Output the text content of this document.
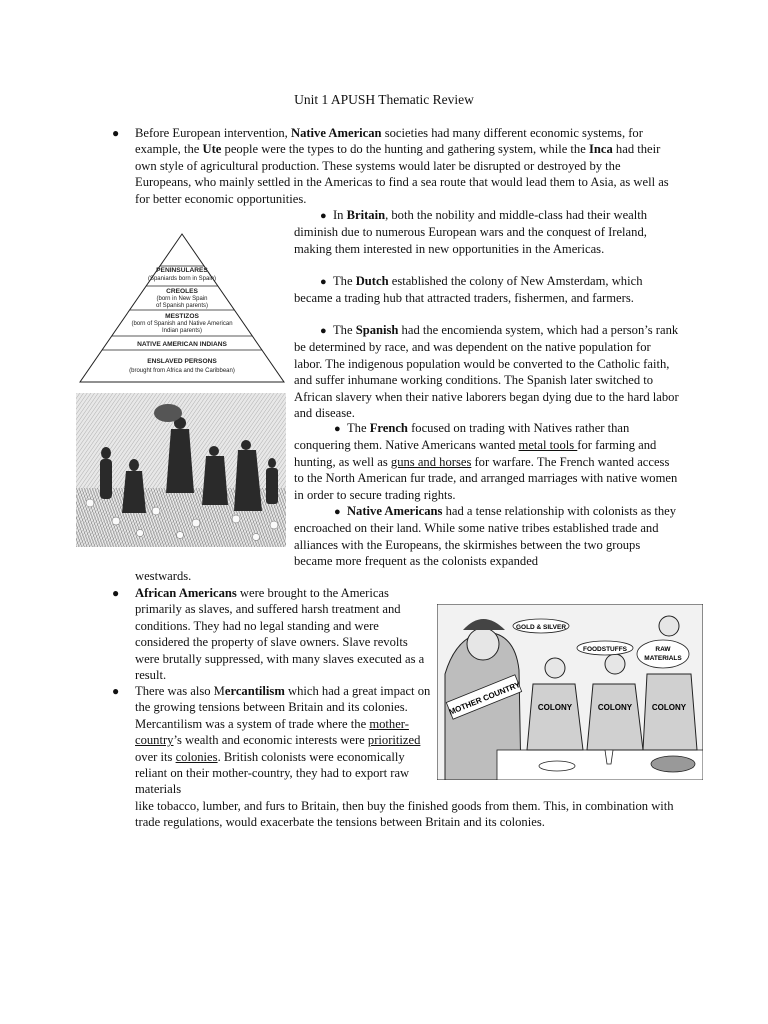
Unit 1 APUSH Thematic Review
● Before European intervention, Native American societies had many different economic systems, for example, the Ute people were the types to do the hunting and gathering system, while the Inca had their own style of agricultural production. These systems would later be disrupted or destroyed by the Europeans, who mainly settled in the Americas to find a sea route that would lead them to Asia, as well as for better economic opportunities.

● In Britain, both the nobility and middle-class had their wealth diminish due to numerous European wars and the conquest of Ireland, making them interested in new opportunities in the Americas.

● The Dutch established the colony of New Amsterdam, which became a trading hub that attracted traders, fishermen, and farmers.

● The Spanish had the encomienda system, which had a person’s rank be determined by race, and was dependent on the native population for labor. The indigenous population would be converted to the Catholic faith, and suffer inhumane working conditions. The Spanish later switched to African slavery when their native laborers began dying due to the hard labor and disease.

● The French focused on trading with Natives rather than conquering them. Native Americans wanted metal tools for farming and hunting, as well as guns and horses for warfare. The French wanted access to the North American fur trade, and arranged marriages with native women in order to secure trading rights.

● Native Americans had a tense relationship with colonists as they encroached on their land. While some native tribes established trade and alliances with the Europeans, the skirmishes between the two groups became more frequent as the colonists expanded

westwards.

● African Americans were brought to the Americas primarily as slaves, and suffered harsh treatment and conditions. They had no legal standing and were considered the property of slave owners. Slave revolts were brutally suppressed, with many slaves executed as a result.

● There was also Mercantilism which had a great impact on the growing tensions between Britain and its colonies. Mercantilism was a system of trade where the mother-country’s wealth and economic interests were prioritized over its colonies. British colonists were economically reliant on their mother-country, they had to export raw materials

like tobacco, lumber, and furs to Britain, then buy the finished goods from them. This, in combination with trade regulations, would exacerbate the tensions between Britain and its colonies.

PENINSULARES
(Spaniards born in Spain)
CREOLES
(born in New Spain
of Spanish parents)
MESTIZOS
(born of Spanish and Native American
Indian parents)
NATIVE AMERICAN INDIANS
ENSLAVED PERSONS
(brought from Africa and the Caribbean)
MOTHER COUNTRY COLONY	COLONY COLONY
GOLD & SILVER
FOODSTUFFS	RAW
MATERIALS
